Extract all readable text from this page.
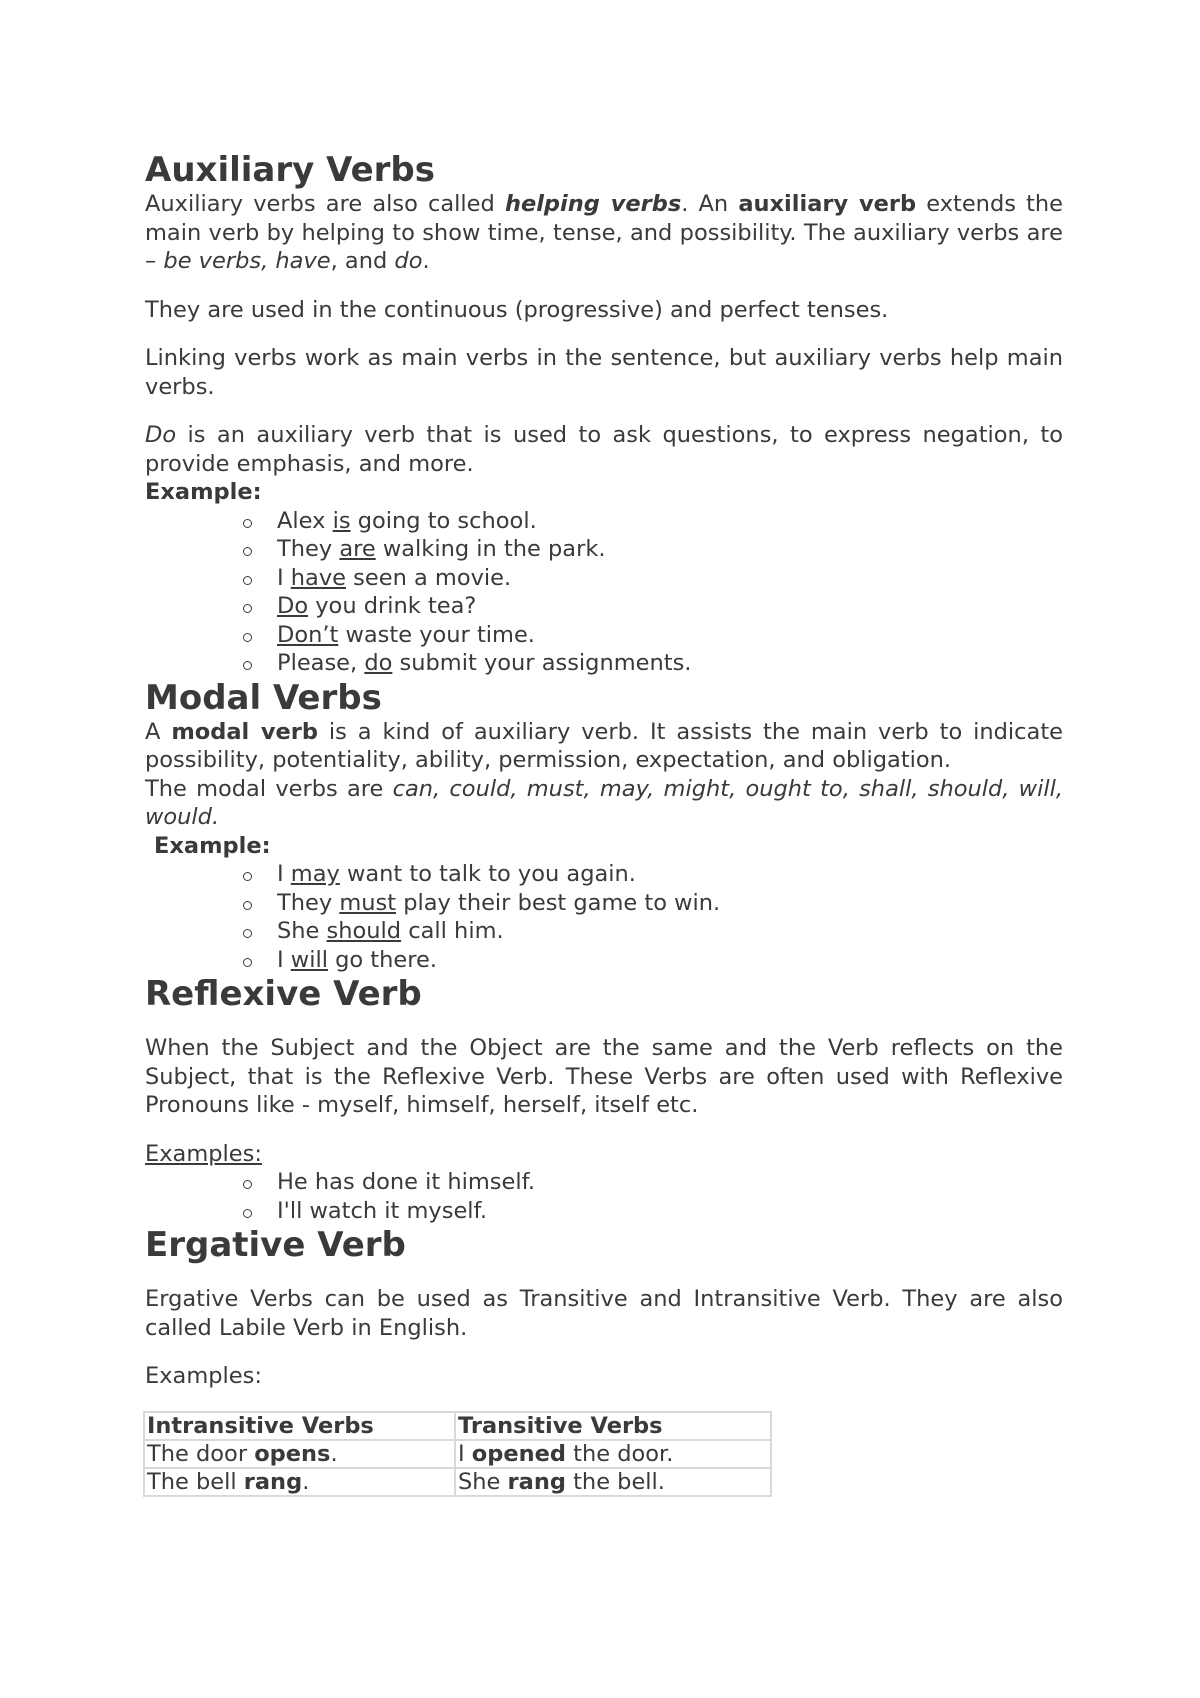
Auxiliary Verbs

Auxiliary verbs are also called helping verbs. An auxiliary verb extends the main verb by helping to show time, tense, and possibility. The auxiliary verbs are – be verbs, have, and do.

They are used in the continuous (progressive) and perfect tenses.

Linking verbs work as main verbs in the sentence, but auxiliary verbs help main verbs.

Do is an auxiliary verb that is used to ask questions, to express negation, to provide emphasis, and more.

Example:

Alex is going to school.
They are walking in the park.
I have seen a movie.
Do you drink tea?
Don’t waste your time.
Please, do submit your assignments.
Modal Verbs

A modal verb is a kind of auxiliary verb. It assists the main verb to indicate possibility, potentiality, ability, permission, expectation, and obligation.

The modal verbs are can, could, must, may, might, ought to, shall, should, will, would.

Example:

I may want to talk to you again.
They must play their best game to win.
She should call him.
I will go there.
Reflexive Verb

When the Subject and the Object are the same and the Verb reflects on the Subject, that is the Reflexive Verb. These Verbs are often used with Reflexive Pronouns like - myself, himself, herself, itself etc.

Examples:

He has done it himself.
I'll watch it myself.
Ergative Verb

Ergative Verbs can be used as Transitive and Intransitive Verb. They are also called Labile Verb in English.

Examples:

Intransitive Verbs	Transitive Verbs
The door opens.	I opened the door.
The bell rang.	She rang the bell.
